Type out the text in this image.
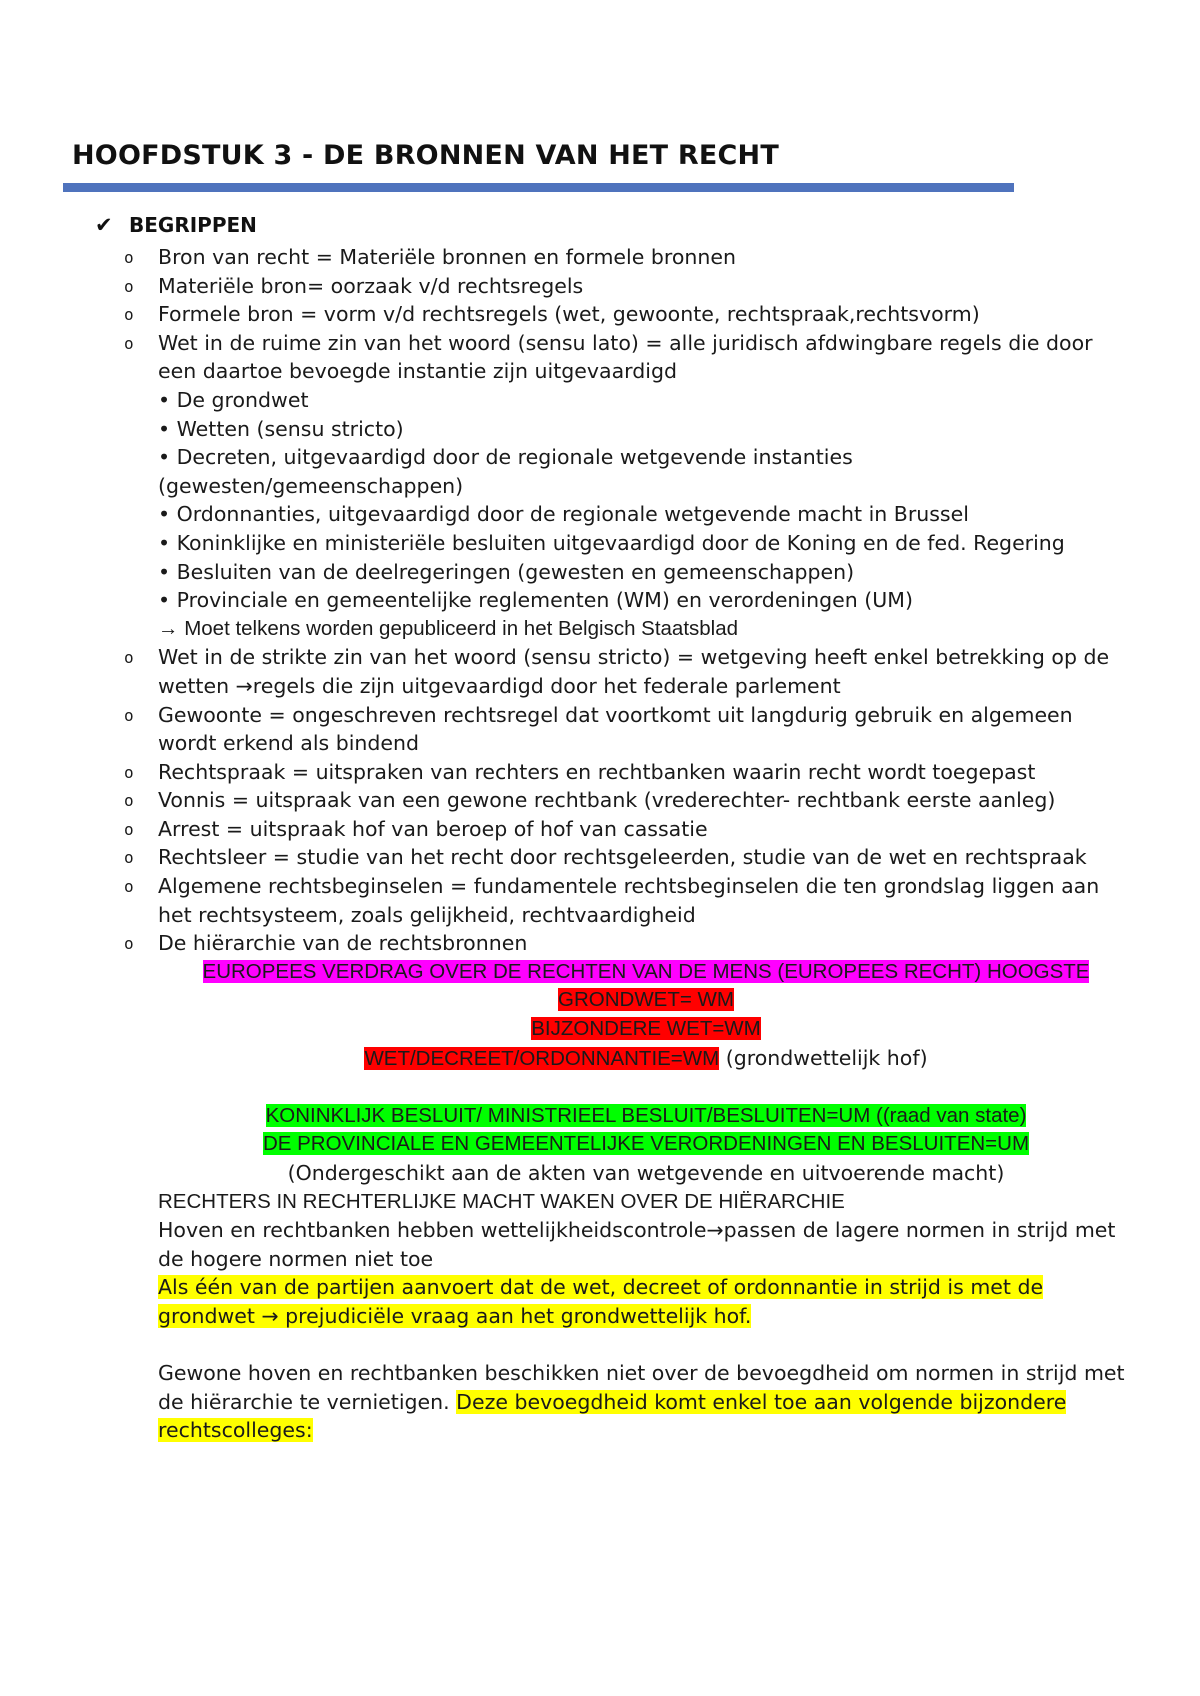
HOOFDSTUK 3 - DE BRONNEN VAN HET RECHT
✔ BEGRIPPEN
o Bron van recht = Materiële bronnen en formele bronnen
o Materiële bron= oorzaak v/d rechtsregels
o Formele bron = vorm v/d rechtsregels (wet, gewoonte, rechtspraak,rechtsvorm)
o Wet in de ruime zin van het woord (sensu lato) = alle juridisch afdwingbare regels die door een daartoe bevoegde instantie zijn uitgevaardigd
• De grondwet
• Wetten (sensu stricto)
• Decreten, uitgevaardigd door de regionale wetgevende instanties (gewesten/gemeenschappen)
• Ordonnanties, uitgevaardigd door de regionale wetgevende macht in Brussel
• Koninklijke en ministeriële besluiten uitgevaardigd door de Koning en de fed. Regering
• Besluiten van de deelregeringen (gewesten en gemeenschappen)
• Provinciale en gemeentelijke reglementen (WM) en verordeningen (UM)
→ Moet telkens worden gepubliceerd in het Belgisch Staatsblad
o Wet in de strikte zin van het woord (sensu stricto) = wetgeving heeft enkel betrekking op de wetten →regels die zijn uitgevaardigd door het federale parlement
o Gewoonte = ongeschreven rechtsregel dat voortkomt uit langdurig gebruik en algemeen wordt erkend als bindend
o Rechtspraak = uitspraken van rechters en rechtbanken waarin recht wordt toegepast
o Vonnis = uitspraak van een gewone rechtbank (vrederechter- rechtbank eerste aanleg)
o Arrest = uitspraak hof van beroep of hof van cassatie
o Rechtsleer = studie van het recht door rechtsgeleerden, studie van de wet en rechtspraak
o Algemene rechtsbeginselen = fundamentele rechtsbeginselen die ten grondslag liggen aan het rechtsysteem, zoals gelijkheid, rechtvaardigheid
o De hiërarchie van de rechtsbronnen
EUROPEES VERDRAG OVER DE RECHTEN VAN DE MENS (EUROPEES RECHT) HOOGSTE
GRONDWET= WM
BIJZONDERE WET=WM
WET/DECREET/ORDONNANTIE=WM (grondwettelijk hof)
KONINKLIJK BESLUIT/ MINISTRIEEL BESLUIT/BESLUITEN=UM ((raad van state)
DE PROVINCIALE EN GEMEENTELIJKE VERORDENINGEN EN BESLUITEN=UM
(Ondergeschikt aan de akten van wetgevende en uitvoerende macht)
RECHTERS IN RECHTERLIJKE MACHT WAKEN OVER DE HIËRARCHIE
Hoven en rechtbanken hebben wettelijkheidscontrole→passen de lagere normen in strijd met de hogere normen niet toe
Als één van de partijen aanvoert dat de wet, decreet of ordonnantie in strijd is met de grondwet → prejudiciële vraag aan het grondwettelijk hof.
Gewone hoven en rechtbanken beschikken niet over de bevoegdheid om normen in strijd met de hiërarchie te vernietigen. Deze bevoegdheid komt enkel toe aan volgende bijzondere rechtscolleges:
